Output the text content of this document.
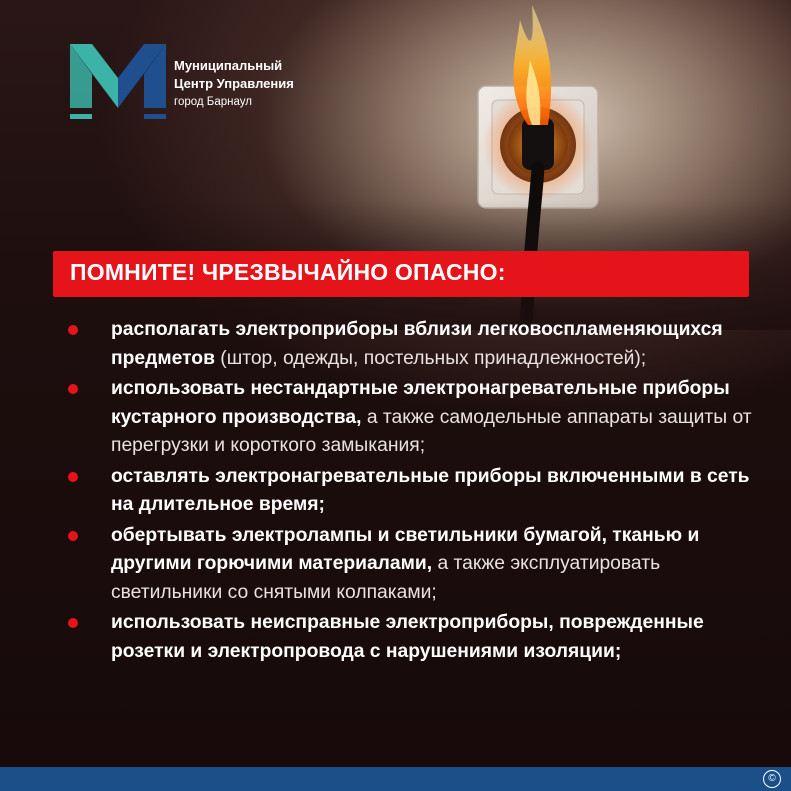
Муниципальный
Центр Управления
город Барнаул
ПОМНИТЕ! ЧРЕЗВЫЧАЙНО ОПАСНО:
располагать электроприборы вблизи легковоспламеняющихся предметов (штор, одежды, постельных принадлежностей);
использовать нестандартные электронагревательные приборы кустарного производства, а также самодельные аппараты защиты от перегрузки и короткого замыкания;
оставлять электронагревательные приборы включенными в сеть на длительное время;
обертывать электролампы и светильники бумагой, тканью и другими горючими материалами, а также эксплуатировать светильники со снятыми колпаками;
использовать неисправные электроприборы, поврежденные розетки и электропровода с нарушениями изоляции;
©
